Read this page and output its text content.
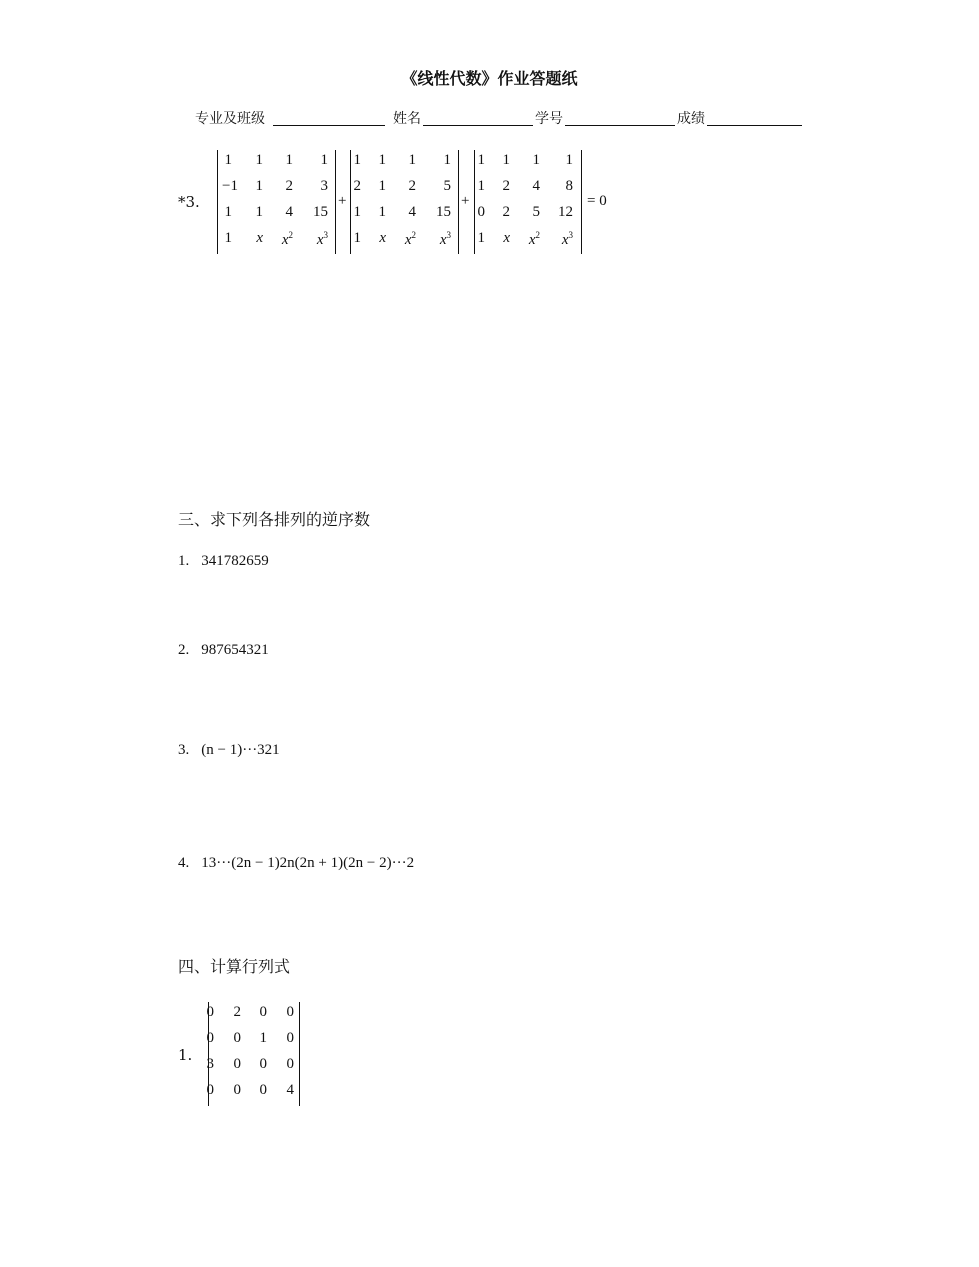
《线性代数》作业答题纸
专业及班级	姓名	学号	成绩
*3.
1	1	1	1
−1	1	2	3
1	1	4	15
1	x	$x^2$	$x^3$
+
1	1	1	1
2	1	2	5
1	1	4	15
1	x	$x^2$	$x^3$
+
1	1	1	1
1	2	4	8
0	2	5	12
1	x	$x^2$	$x^3$
= 0
三、求下列各排列的逆序数
1. 341782659
2. 987654321
3. (n − 1)···321
4. 13···(2n − 1)2n(2n + 1)(2n − 2)···2
四、计算行列式
1.
0	2	0	0
0	0	1	0
3	0	0	0
0	0	0	4
